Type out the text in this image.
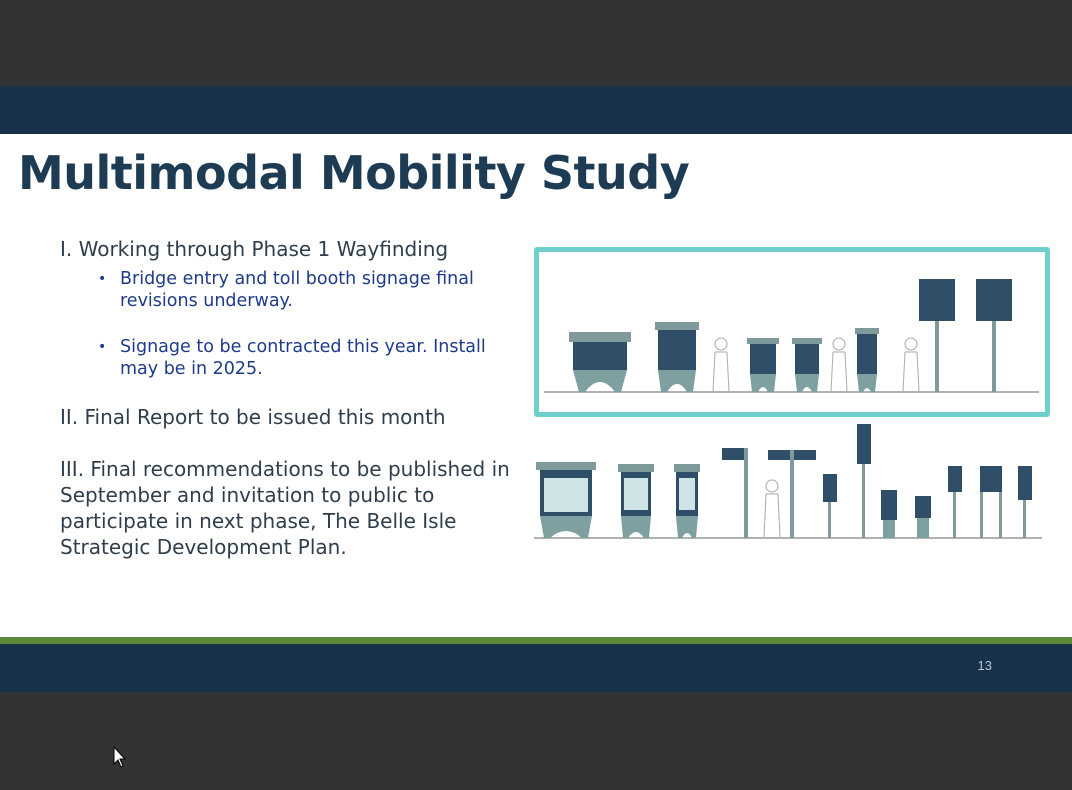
Multimodal Mobility Study

I. Working through Phase 1 Wayfinding

• Bridge entry and toll booth signage final revisions underway.
• Signage to be contracted this year. Install may be in 2025.

II. Final Report to be issued this month

III. Final recommendations to be published in September and invitation to public to participate in next phase, The Belle Isle Strategic Development Plan.

13
